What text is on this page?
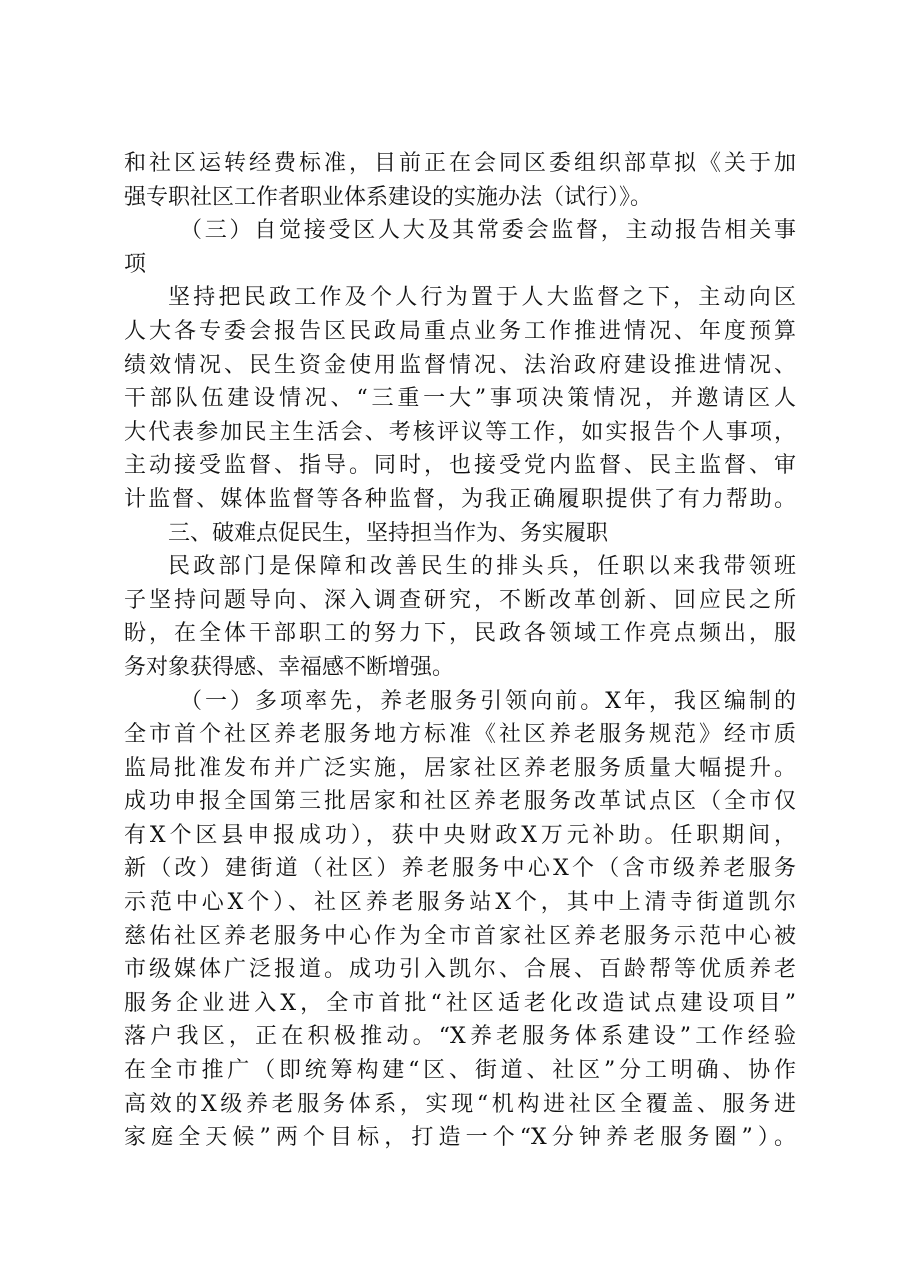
和社区运转经费标准，目前正在会同区委组织部草拟《关于加
强专职社区工作者职业体系建设的实施办法（试行）》。
（三）自觉接受区人大及其常委会监督，主动报告相关事
项
坚持把民政工作及个人行为置于人大监督之下，主动向区
人大各专委会报告区民政局重点业务工作推进情况、年度预算
绩效情况、民生资金使用监督情况、法治政府建设推进情况、
干部队伍建设情况、“三重一大”事项决策情况，并邀请区人
大代表参加民主生活会、考核评议等工作，如实报告个人事项，
主动接受监督、指导。同时，也接受党内监督、民主监督、审
计监督、媒体监督等各种监督，为我正确履职提供了有力帮助。
三、破难点促民生，坚持担当作为、务实履职
民政部门是保障和改善民生的排头兵，任职以来我带领班
子坚持问题导向、深入调查研究，不断改革创新、回应民之所
盼，在全体干部职工的努力下，民政各领域工作亮点频出，服
务对象获得感、幸福感不断增强。
（一）多项率先，养老服务引领向前。X年，我区编制的
全市首个社区养老服务地方标准《社区养老服务规范》经市质
监局批准发布并广泛实施，居家社区养老服务质量大幅提升。
成功申报全国第三批居家和社区养老服务改革试点区（全市仅
有X个区县申报成功），获中央财政X万元补助。任职期间，
新（改）建街道（社区）养老服务中心X个（含市级养老服务
示范中心X个）、社区养老服务站X个，其中上清寺街道凯尔
慈佑社区养老服务中心作为全市首家社区养老服务示范中心被
市级媒体广泛报道。成功引入凯尔、合展、百龄帮等优质养老
服务企业进入X，全市首批“社区适老化改造试点建设项目”
落户我区，正在积极推动。“X养老服务体系建设”工作经验
在全市推广（即统筹构建“区、街道、社区”分工明确、协作
高效的X级养老服务体系，实现“机构进社区全覆盖、服务进
家庭全天候”两个目标，打造一个“X分钟养老服务圈”）。
